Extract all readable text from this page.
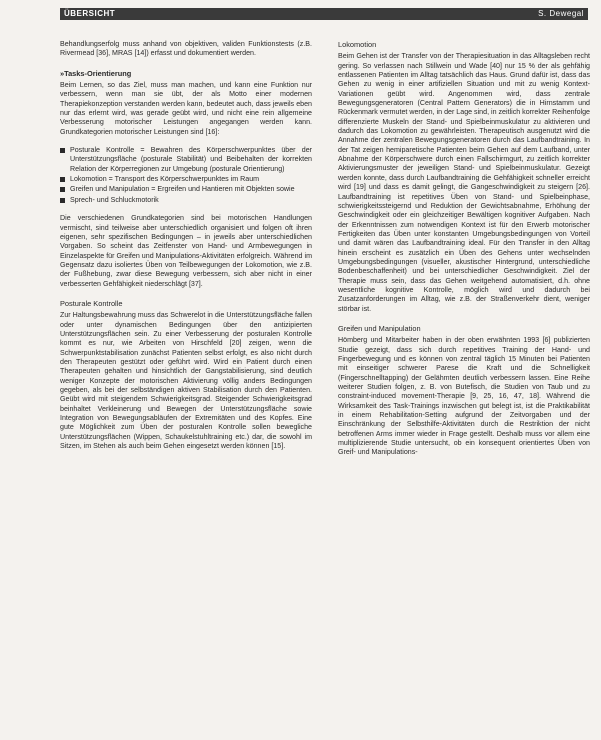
ÜBERSICHT	S. Dewegal

Behandlungserfolg muss anhand von objektiven, validen Funktionstests (z.B. Rivermead [36], MRAS [14]) erfasst und dokumentiert werden.

»Tasks-Orientierung

Beim Lernen, so das Ziel, muss man machen, und kann eine Funktion nur verbessern, wenn man sie übt, der als Motto einer modernen Therapiekonzeption verstanden werden kann, bedeutet auch, dass jeweils eben nur das erlernt wird, was gerade geübt wird, und nicht eine rein allgemeine Verbesserung motorischer Leistungen angegangen werden kann. Grundkategorien motorischer Leistungen sind [16]:

Posturale Kontrolle = Bewahren des Körperschwerpunktes über der Unterstützungsfläche (posturale Stabilität) und Beibehalten der korrekten Relation der Körperregionen zur Umgebung (posturale Orientierung)
Lokomotion = Transport des Körperschwerpunktes im Raum
Greifen und Manipulation = Ergreifen und Hantieren mit Objekten sowie
Sprech- und Schluckmotorik

Die verschiedenen Grundkategorien sind bei motorischen Handlungen vermischt, sind teilweise aber unterschiedlich organisiert und folgen oft ihren eigenen, sehr spezifischen Bedingungen – in jeweils aber unterschiedlichen Vorgaben. So scheint das Zeitfenster von Hand- und Armbewegungen in Einzelaspekte für Greifen und Manipulations-Aktivitäten erfolgreich. Während im Gegensatz dazu isoliertes Üben von Teilbewegungen der Lokomotion, wie z.B. der Fußhebung, zwar diese Bewegung verbessern, sich aber nicht in einer verbesserten Gehfähigkeit niederschlägt [37].

Posturale Kontrolle

Zur Haltungsbewahrung muss das Schwerelot in die Unterstützungsfläche fallen oder unter dynamischen Bedingungen über den antizipierten Unterstützungsflächen sein. Zu einer Verbesserung der posturalen Kontrolle kommt es nur, wie Arbeiten von Hirschfeld [20] zeigen, wenn die Schwerpunktstabilisation zunächst Patienten selbst erfolgt, es also nicht durch den Therapeuten gestützt oder geführt wird. Wird ein Patient durch einen Therapeuten gehalten und hinsichtlich der Gangstabilisierung, sind deutlich weniger Konzepte der motorischen Aktivierung völlig anders Bedingungen gegeben, als bei der selbständigen aktiven Stabilisation durch den Patienten. Geübt wird mit steigendem Schwierigkeitsgrad. Steigender Schwierigkeitsgrad beinhaltet Verkleinerung und Bewegen der Unterstützungsfläche sowie Integration von Bewegungsabläufen der Extremitäten und des Kopfes. Eine gute Möglichkeit zum Üben der posturalen Kontrolle sollen bewegliche Unterstützungsflächen (Wippen, Schaukelstuhltraining etc.) dar, die sowohl im Sitzen, im Stehen als auch beim Gehen eingesetzt werden können [15].

Lokomotion

Beim Gehen ist der Transfer von der Therapiesituation in das Alltagsleben recht gering. So verlassen nach Stillwein und Wade [40] nur 15 % der als gehfähig entlassenen Patienten im Alltag tatsächlich das Haus. Grund dafür ist, dass das Gehen zu wenig in einer artifiziellen Situation und mit zu wenig Kontext-Variationen geübt wird. Angenommen wird, dass zentrale Bewegungsgeneratoren (Central Pattern Generators) die in Hirnstamm und Rückenmark vermutet werden, in der Lage sind, in zeitlich korrekter Reihenfolge differenzierte Muskeln der Stand- und Spielbeinmuskulatur zu aktivieren und dadurch das Lokomotion zu gewährleisten. Therapeutisch ausgenutzt wird die Annahme der zentralen Bewegungsgeneratoren durch das Laufbandtraining. In der Tat zeigen hemiparetische Patienten beim Gehen auf dem Laufband, unter Abnahme der Körperschwere durch einen Fallschirmgurt, zu zeitlich korrekter Aktivierungsmuster der jeweiligen Stand- und Spielbeinmuskulatur. Gezeigt werden konnte, dass durch Laufbandtraining die Gehfähigkeit schneller erreicht wird [19] und dass es damit gelingt, die Gangeschwindigkeit zu steigern [26]. Laufbandtraining ist repetitives Üben von Stand- und Spielbeinphase, schwierigkeitssteigernd und Reduktion der Gewichtsabnahme, Erhöhung der Geschwindigkeit oder ein gleichzeitiger Bewältigen kognitiver Aufgaben. Nach der Erkenntnissen zum notwendigen Kontext ist für den Erwerb motorischer Fertigkeiten das Üben unter konstanten Umgebungsbedingungen von Vorteil und damit wären das Laufbandtraining ideal. Für den Transfer in den Alltag hinein erscheint es zusätzlich ein Üben des Gehens unter wechselnden Umgebungsbedingungen (visueller, akustischer Hintergrund, unterschiedliche Bodenbeschaffenheit) und bei unterschiedlicher Geschwindigkeit. Ziel der Therapie muss sein, dass das Gehen weitgehend automatisiert, d.h. ohne wesentliche kognitive Kontrolle, möglich wird und dadurch bei Zusatzanforderungen im Alltag, wie z.B. der Straßenverkehr dient, weniger störbar ist.

Greifen und Manipulation

Hömberg und Mitarbeiter haben in der oben erwähnten 1993 [6] publizierten Studie gezeigt, dass sich durch repetitives Training der Hand- und Fingerbewegung und es können von zentral täglich 15 Minuten bei Patienten mit einseitiger schwerer Parese die Kraft und die Schnelligkeit (Fingerschnelltapping) der Gelähmten deutlich verbessern lassen. Eine Reihe weiterer Studien folgen, z. B. von Butefisch, die Studien von Taub und zu constraint-induced movement-Therapie [9, 25, 16, 47, 18]. Während die Wirksamkeit des Task-Trainings inzwischen gut belegt ist, ist die Praktikabilität in einem Rehabilitation-Setting aufgrund der Zeitvorgaben und der Einschränkung der Selbsthilfe-Aktivitäten durch die Restriktion der nicht betroffenen Arms immer wieder in Frage gestellt. Deshalb muss vor allem eine multiplizierende Studie untersucht, ob ein konsequent orientiertes Üben von Greif- und Manipulations-
